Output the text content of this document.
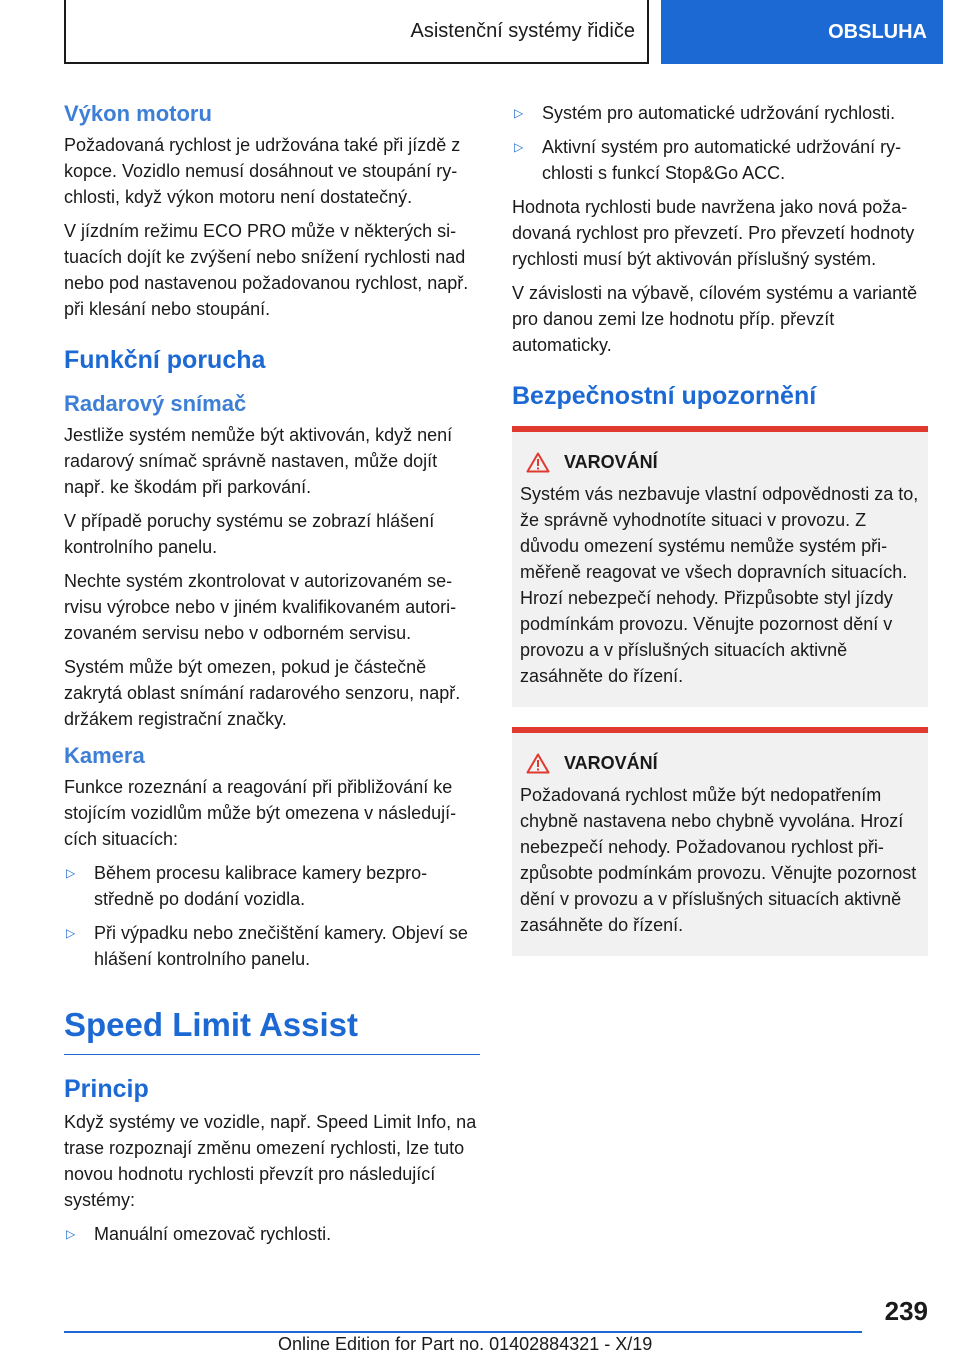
Asistenční systémy řidiče	OBSLUHA
Výkon motoru

Požadovaná rychlost je udržována také při jízdě z kopce. Vozidlo nemusí dosáhnout ve stoupání rychlosti, když výkon motoru není dostatečný.

V jízdním režimu ECO PRO může v některých situacích dojít ke zvýšení nebo snížení rychlosti nad nebo pod nastavenou požadovanou rychlost, např. při klesání nebo stoupání.

Funkční porucha
Radarový snímač

Jestliže systém nemůže být aktivován, když není radarový snímač správně nastaven, může dojít např. ke škodám při parkování.

V případě poruchy systému se zobrazí hlášení kontrolního panelu.

Nechte systém zkontrolovat v autorizovaném servisu výrobce nebo v jiném kvalifikovaném autorizovaném servisu nebo v odborném servisu.

Systém může být omezen, pokud je částečně zakrytá oblast snímání radarového senzoru, např. držákem registrační značky.

Kamera

Funkce rozeznání a reagování při přibližování ke stojícím vozidlům může být omezena v následujících situacích:

▷ Během procesu kalibrace kamery bezprostředně po dodání vozidla.
▷ Při výpadku nebo znečištění kamery. Objeví se hlášení kontrolního panelu.
Speed Limit Assist
Princip

Když systémy ve vozidle, např. Speed Limit Info, na trase rozpoznají změnu omezení rychlosti, lze tuto novou hodnotu rychlosti převzít pro následující systémy:

▷ Manuální omezovač rychlosti.
▷ Systém pro automatické udržování rychlosti.
▷ Aktivní systém pro automatické udržování rychlosti s funkcí Stop&Go ACC.

Hodnota rychlosti bude navržena jako nová požadovaná rychlost pro převzetí. Pro převzetí hodnoty rychlosti musí být aktivován příslušný systém.

V závislosti na výbavě, cílovém systému a variantě pro danou zemi lze hodnotu příp. převzít automaticky.

Bezpečnostní upozornění
VAROVÁNÍ

Systém vás nezbavuje vlastní odpovědnosti za to, že správně vyhodnotíte situaci v provozu. Z důvodu omezení systému nemůže systém přiměřeně reagovat ve všech dopravních situacích. Hrozí nebezpečí nehody. Přizpůsobte styl jízdy podmínkám provozu. Věnujte pozornost dění v provozu a v příslušných situacích aktivně zasáhněte do řízení.

VAROVÁNÍ

Požadovaná rychlost může být nedopatřením chybně nastavena nebo chybně vyvolána. Hrozí nebezpečí nehody. Požadovanou rychlost přizpůsobte podmínkám provozu. Věnujte pozornost dění v provozu a v příslušných situacích aktivně zasáhněte do řízení.

239
Online Edition for Part no. 01402884321 - X/19
